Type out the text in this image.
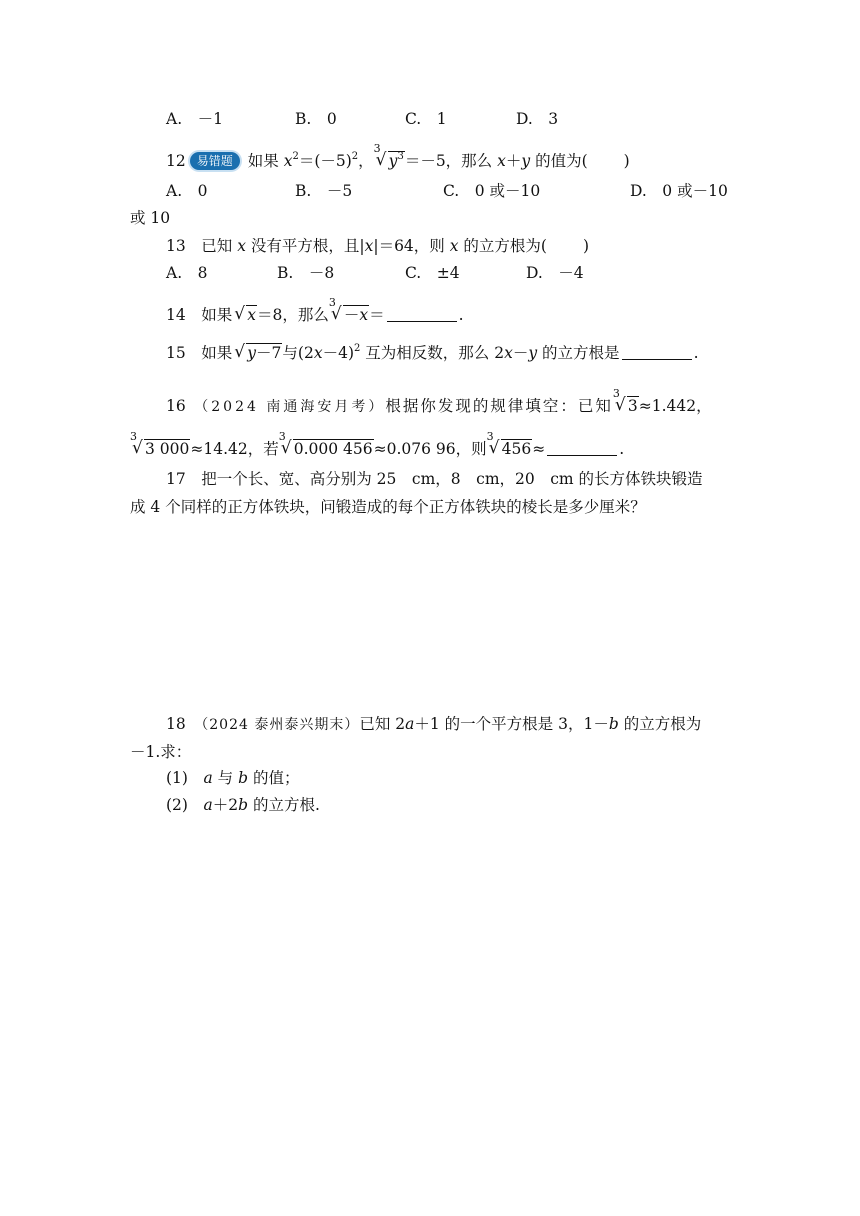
A.　－1	B.　0	C.　1	D.　3
12 易错题 如果 $x^2=(-5)^2$，
√ 3
$y^3=-5$，那么 x＋y 的值为( )
A.　0	B.　－5	C.　0 或－10	D.　0 或－10
或 10
13　 已知 x 没有平方根，且|x|＝64，则 x 的立方根为( )
A.　8	B.　－8	C.　±4	D.　－4
14　 如果 √ x＝8，那么
√ 3
－x＝	.
15　 如果 √ y－7与$(2x-4)^2$ 互为相反数，那么 2x－y 的立方根是	.
16　 （2024 南通海安月考）根据你发现的规律填空：已知
√ 3
3≈1.442，
√ 3
3 000≈14.42，若
√ 3
0.000 456≈0.076 96，则
√ 3
456≈	.
17　 把一个长、宽、高分别为 25　cm，8　cm，20　cm 的长方体铁块锻造
成 4 个同样的正方体铁块，问锻造成的每个正方体铁块的棱长是多少厘米？
18　 （2024 泰州泰兴期末）已知 2a＋1 的一个平方根是 3，1－b 的立方根为
－1.求：
(1)　 a 与 b 的值；
(2)　 a＋2b 的立方根.
